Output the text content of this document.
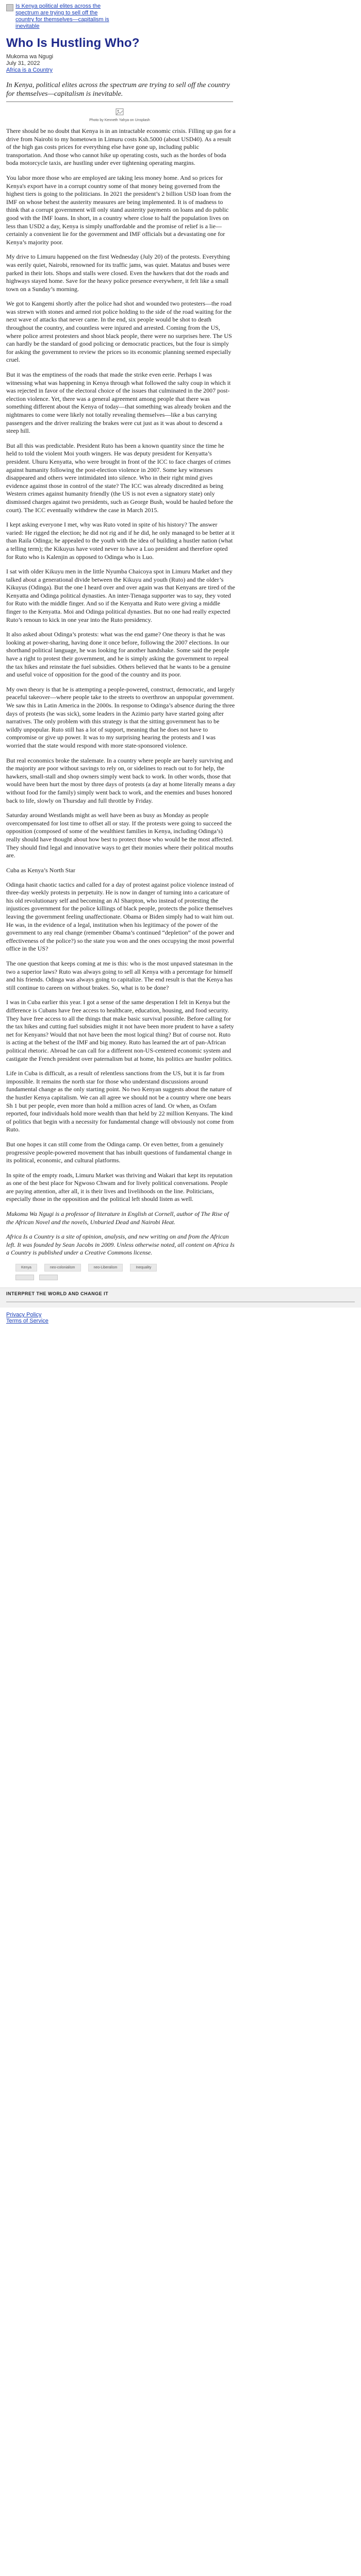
Is Kenya political elites across the spectrum are trying to sell off the country for themselves—capitalism is inevitable
Who Is Hustling Who?
Mukoma wa Ngugi
July 31, 2022
Africa is a Country
In Kenya, political elites across the spectrum are trying to sell off the country for themselves—capitalism is inevitable.
Photo by Kenneth Yahya on Unsplash

There should be no doubt that Kenya is in an intractable economic crisis. Filling up gas for a drive from Nairobi to my hometown in Limuru costs Ksh.5000 (about USD​40). As a result of the high gas costs prices for everything else have gone up, including public transportation. And those who cannot hike up operating costs, such as the hordes of boda boda motorcycle taxis, are hustling under ever tightening operating margins.

You labor more those who are employed are taking less money home. And so prices for Kenya's export have in a corrupt country some of that money being governed from the highest tiers is going to the politicians. In 2021 the president’s 2 billion USD loan from the IMF on whose behest the austerity measures are being implemented. It is of madness to think that a corrupt government will only stand austerity payments on loans and do public good with the IMF loans. In short, in a country where close to half the population lives on less than USD​2 a day, Kenya is simply unaffordable and the promise of relief is a lie—certainly a convenient lie for the government and IMF officials but a devastating one for Kenya’s majority poor.

My drive to Limuru happened on the first Wednesday (July 20) of the protests. Everything was eerily quiet, Nairobi, renowned for its traffic jams, was quiet. Matatus and buses were parked in their lots. Shops and stalls were closed. Even the hawkers that dot the roads and highways stayed home. Save for the heavy police presence everywhere, it felt like a small town on a Sunday’s morning.

We got to Kangemi shortly after the police had shot and wounded two protesters—the road was strewn with stones and armed riot police holding to the side of the road waiting for the next wave of attacks that never came. In the end, six people would be shot to death throughout the country, and countless were injured and arrested. Coming from the US, where police arrest protesters and shoot black people, there were no surprises here. The US can hardly be the standard of good policing or democratic practices, but the four is simply for asking the government to review the prices so its economic planning seemed especially cruel.

But it was the emptiness of the roads that made the strike even eerie. Perhaps I was witnessing what was happening in Kenya through what followed the salty coup in which it was rejected in favor of the electoral choice of the issues that culminated in the 2007 post-election violence. Yet, there was a general agreement among people that there was something different about the Kenya of today—that something was already broken and the nightmares to come were likely not totally revealing themselves—like a bus carrying passengers and the driver realizing the brakes were cut just as it was about to descend a steep hill.

But all this was predictable. President Ruto has been a known quantity since the time he held to told the violent Moi youth wingers. He was deputy president for Kenyatta’s president. Uhuru Kenyatta, who were brought in front of the ICC to face charges of crimes against humanity following the post-election violence in 2007. Some key witnesses disappeared and others were intimidated into silence. Who in their right mind gives evidence against those in control of the state? The ICC was already discredited as being Western crimes against humanity friendly (the US is not even a signatory state) only dismissed charges against two presidents, such as George Bush, would be hauled before the court). The ICC eventually withdrew the case in March 2015.

I kept asking everyone I met, why was Ruto voted in spite of his history? The answer varied: He rigged the election; he did not rig and if he did, he only managed to be better at it than Raila Odinga; he appealed to the youth with the idea of building a hustler nation (what a telling term); the Kikuyus have voted never to have a Luo president and therefore opted for Ruto who is Kalenjin as opposed to Odinga who is Luo.

I sat with older Kikuyu men in the little Nyumba Chaicoya spot in Limuru Market and they talked about a generational divide between the Kikuyu and youth (Ruto) and the older’s Kikuyus (Odinga). But the one I heard over and over again was that Kenyans are tired of the Kenyatta and Odinga political dynasties. An inter-Tienaga supporter was to say, they voted for Ruto with the middle finger. And so if the Kenyatta and Ruto were giving a middle finger to the Kenyatta. Moi and Odinga political dynasties. But no one had really expected Ruto’s renoun to kick in one year into the Ruto presidency.

It also asked about Odinga’s protests: what was the end game? One theory is that he was looking at power-sharing, having done it once before, following the 2007 elections. In our shorthand political language, he was looking for another handshake. Some said the people have a right to protest their government, and he is simply asking the government to repeal the tax hikes and reinstate the fuel subsidies. Others believed that he wants to be a genuine and useful voice of opposition for the good of the country and its poor.

My own theory is that he is attempting a people-powered, construct, democratic, and largely peaceful takeover—where people take to the streets to overthrow an unpopular government. We saw this in Latin America in the 2000s. In response to Odinga’s absence during the three days of protests (he was sick), some leaders in the Azimio party have started going after narratives. The only problem with this strategy is that the sitting government has to be wildly unpopular. Ruto still has a lot of support, meaning that he does not have to compromise or give up power. It was to my surprising hearing the protests and I was worried that the state would respond with more state-sponsored violence.

But real economics broke the stalemate. In a country where people are barely surviving and the majority are poor without savings to rely on, or sidelines to reach out to for help, the hawkers, small-stall and shop owners simply went back to work. In other words, those that would have been hurt the most by three days of protests (a day at home literally means a day without food for the family) simply went back to work, and the enemies and buses honored back to life, slowly on Thursday and full throttle by Friday.

Saturday around Westlands might as well have been as busy as Monday as people overcompensated for lost time to offset all or stay. If the protests were going to succeed the opposition (composed of some of the wealthiest families in Kenya, including Odinga’s) really should have thought about how best to protect those who would be the most affected. They should find legal and innovative ways to get their monies where their political mouths are.

Cuba as Kenya’s North Star

Odinga has​it chaotic tactics and called for a day of protest against police violence instead of three-day weekly protests in perpetuity. He is now in danger of turning into a caricature of his old revolutionary self and becoming an Al Sharpton, who instead of protesting the injustices government for the police killings of black people, protects the police themselves leaving the government feeling unaffectionate. Obama or Biden simply had to wait him out. He was, in the evidence of a legal, institution when his legitimacy of the power of the government to any real change (remember Obama’s continued “depletion” of the power and effectiveness of the police?) so the state you won and the ones occupying the most powerful office in the US?

The one question that keeps coming at me is this: who is the most unpaved statesman in the two a superior laws? Ruto was always going to sell all Kenya with a percentage for himself and his friends. Odinga was always going to capitalize. The end result is that the Kenya has still continue to careen on without brakes. So, what is to be done?

I was in Cuba earlier this year. I got a sense of the same desperation I felt in Kenya but the difference is Cubans have free access to healthcare, education, housing, and food security. They have free access to all the things that make basic survival possible. Before calling for the tax hikes and cutting fuel subsidies might it not have been more prudent to have a safety net for Kenyans? Would that not have been the most logical thing? But of course not. Ruto is acting at the behest of the IMF and big money. Ruto has learned the art of pan-African political rhetoric. Abroad he can call for a different non-US-centered economic system and castigate the French president over paternalism but at home, his politics are hustler politics.

Life in Cuba is difficult, as a result of relentless sanctions from the US, but it is far from impossible. It remains the north star for those who understand discussions around fundamental change as the only starting point. No two Kenyan suggests about the nature of the hustler Kenya capitalism. We can all agree we should not be a country where one bears Sh 1 but per people, even more than hold a million acres of land. Or when, as Oxfam reported, four individuals hold more wealth than that held by 22 million Kenyans. The kind of politics that begin with a necessity for fundamental change will obviously not come from Ruto.

But one hopes it can still come from the Odinga camp. Or even better, from a genuinely progressive people-powered movement that has inbuilt questions of fundamental change in its political, economic, and cultural platforms.

In spite of the empty roads, Limuru Market was thriving and Wakari that kept its reputation as one of the best place for Ngwoso Chwam and for lively political conversations. People are paying attention, after all, it is their lives and livelihoods on the line. Politicians, especially those in the opposition and the political left should listen as well.

Mukoma Wa Ngugi is a professor of literature in English at Cornell, author of The Rise of the African Novel and the novels, Unburied Dead and Nairobi Heat.

Africa Is a Country is a site of opinion, analysis, and new writing on and from the African left. It was founded by Sean Jacobs in 2009. Unless otherwise noted, all content on Africa Is a Country is published under a Creative Commons license.

Kenya	neo-colonialism	neo-Liberalism	Inequality
INTERPRET THE WORLD AND CHANGE IT
Privacy Policy
Terms of Service
